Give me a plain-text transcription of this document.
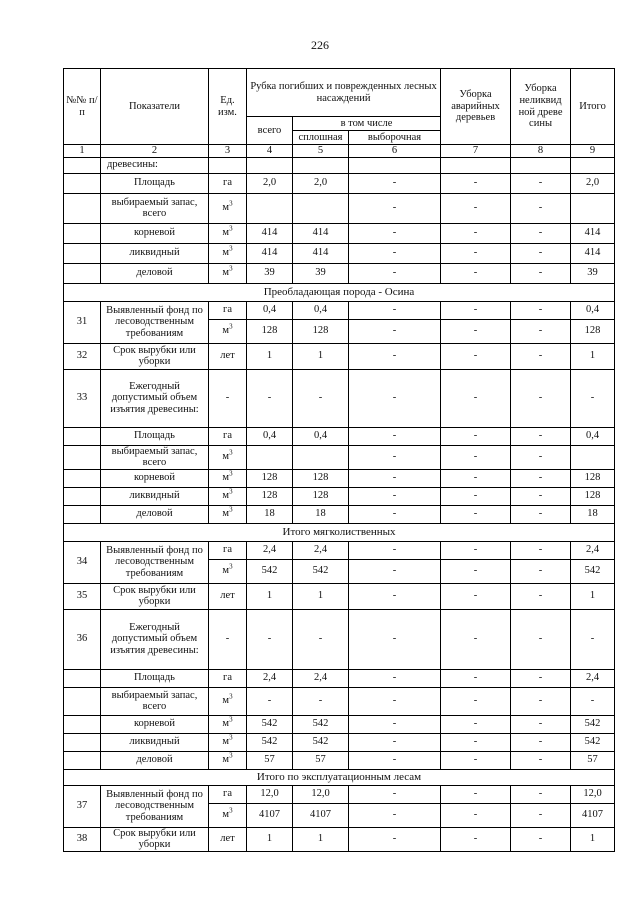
226
№№ п/п	Показатели	Ед. изм.	Рубка погибших и поврежденных лесных насаждений			Уборка аварийных деревьев	Уборка нeликвид ной древе сины	Итого
			всего	в том числе				
				сплошная	выборочная			
1	2	3	4	5	6	7	8	9
	древесины:							
	Площадь	га	2,0	2,0	-	-	-	2,0
	выбираемый запас, всего	$м^3$			-	-	-	
	корневой	$м^3$	414	414	-	-	-	414
	ликвидный	$м^3$	414	414	-	-	-	414
	деловой	$м^3$	39	39	-	-	-	39
Преобладающая порода - Осина								
31	Выявленный фонд по лесоводственным требованиям	га	0,4	0,4	-	-	-	0,4
		$м^3$	128	128	-	-	-	128
32	Срок вырубки или уборки	лет	1	1	-	-	-	1
33	Ежегодный допустимый объем изъятия древесины:	-	-	-	-	-	-	-
	Площадь	га	0,4	0,4	-	-	-	0,4
	выбираемый запас, всего	$м^3$			-	-	-	
	корневой	$м^3$	128	128	-	-	-	128
	ликвидный	$м^3$	128	128	-	-	-	128
	деловой	$м^3$	18	18	-	-	-	18
Итого мягколиственных								
34	Выявленный фонд по лесоводственным требованиям	га	2,4	2,4	-	-	-	2,4
		$м^3$	542	542	-	-	-	542
35	Срок вырубки или уборки	лет	1	1	-	-	-	1
36	Ежегодный допустимый объем изъятия древесины:	-	-	-	-	-	-	-
	Площадь	га	2,4	2,4	-	-	-	2,4
	выбираемый запас, всего	$м^3$	-	-	-	-	-	-
	корневой	$м^3$	542	542	-	-	-	542
	ликвидный	$м^3$	542	542	-	-	-	542
	деловой	$м^3$	57	57	-	-	-	57
Итого по эксплуатационным лесам								
37	Выявленный фонд по лесоводственным требованиям	га	12,0	12,0	-	-	-	12,0
		$м^3$	4107	4107	-	-	-	4107
38	Срок вырубки или уборки	лет	1	1	-	-	-	1
